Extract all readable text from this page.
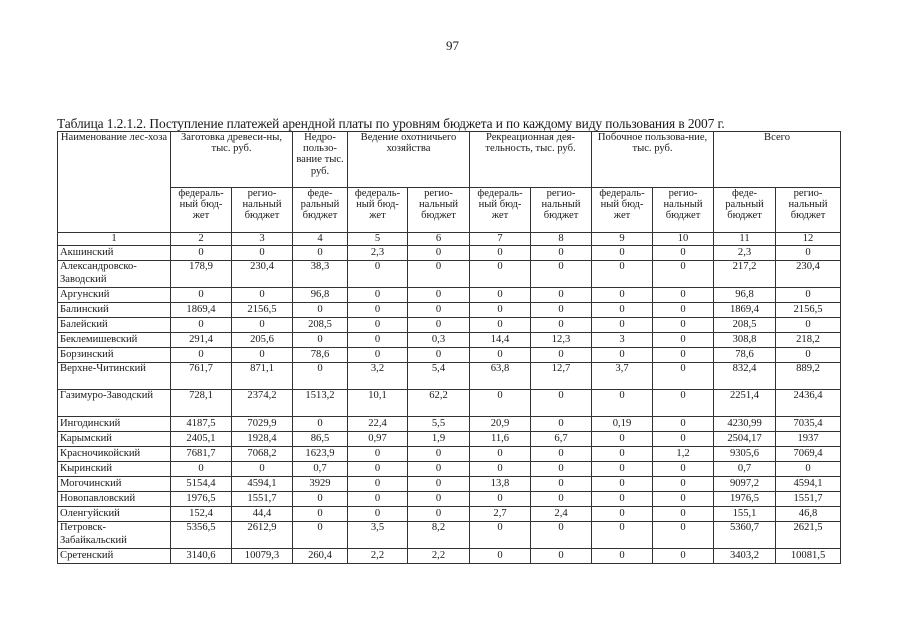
97
Таблица 1.2.1.2. Поступление платежей арендной платы по уровням бюджета и по каждому виду пользования в 2007 г.
Наименование лес-хоза	Заготовка древеси-ны, тыс. руб.		Недро-пользо-вание тыс. руб.	Ведение охотничьего хозяйства		Рекреационная дея-тельность, тыс. руб.		Побочное пользова-ние, тыс. руб.		Всего	
	федераль-ный бюд-жет	регио-нальный бюджет	феде-ральный бюджет	федераль-ный бюд-жет	регио-нальный бюджет	федераль-ный бюд-жет	регио-нальный бюджет	федераль-ный бюд-жет	регио-нальный бюджет	феде-ральный бюджет	регио-нальный бюджет
1	2	3	4	5	6	7	8	9	10	11	12
Акшинский	0	0	0	2,3	0	0	0	0	0	2,3	0
Александровско-Заводский	178,9	230,4	38,3	0	0	0	0	0	0	217,2	230,4
Аргунский	0	0	96,8	0	0	0	0	0	0	96,8	0
Балинский	1869,4	2156,5	0	0	0	0	0	0	0	1869,4	2156,5
Балейский	0	0	208,5	0	0	0	0	0	0	208,5	0
Беклемишевский	291,4	205,6	0	0	0,3	14,4	12,3	3	0	308,8	218,2
Борзинский	0	0	78,6	0	0	0	0	0	0	78,6	0
Верхне-Читинский	761,7	871,1	0	3,2	5,4	63,8	12,7	3,7	0	832,4	889,2
Газимуро-Заводский	728,1	2374,2	1513,2	10,1	62,2	0	0	0	0	2251,4	2436,4
Ингодинский	4187,5	7029,9	0	22,4	5,5	20,9	0	0,19	0	4230,99	7035,4
Карымский	2405,1	1928,4	86,5	0,97	1,9	11,6	6,7	0	0	2504,17	1937
Красночикойский	7681,7	7068,2	1623,9	0	0	0	0	0	1,2	9305,6	7069,4
Кыринский	0	0	0,7	0	0	0	0	0	0	0,7	0
Могочинский	5154,4	4594,1	3929	0	0	13,8	0	0	0	9097,2	4594,1
Новопавловский	1976,5	1551,7	0	0	0	0	0	0	0	1976,5	1551,7
Оленгуйский	152,4	44,4	0	0	0	2,7	2,4	0	0	155,1	46,8
Петровск-Забайкальский	5356,5	2612,9	0	3,5	8,2	0	0	0	0	5360,7	2621,5
Сретенский	3140,6	10079,3	260,4	2,2	2,2	0	0	0	0	3403,2	10081,5
